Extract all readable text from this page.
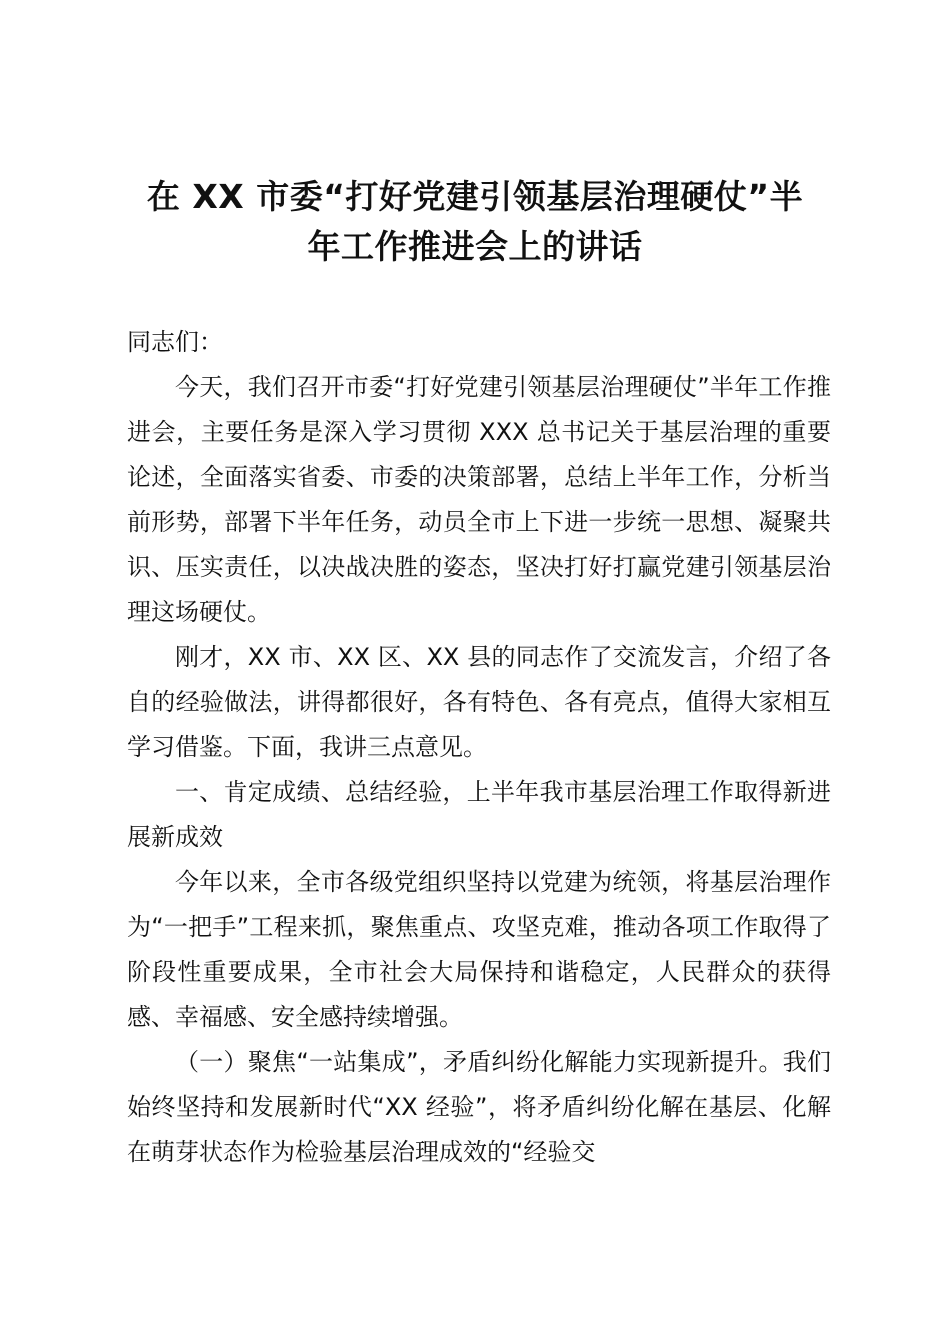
在 XX 市委“打好党建引领基层治理硬仗”半
年工作推进会上的讲话

同志们：

今天，我们召开市委“打好党建引领基层治理硬仗”半年工作推进会，主要任务是深入学习贯彻 XXX 总书记关于基层治理的重要论述，全面落实省委、市委的决策部署，总结上半年工作，分析当前形势，部署下半年任务，动员全市上下进一步统一思想、凝聚共识、压实责任，以决战决胜的姿态，坚决打好打赢党建引领基层治理这场硬仗。

刚才，XX 市、XX 区、XX 县的同志作了交流发言，介绍了各自的经验做法，讲得都很好，各有特色、各有亮点，值得大家相互学习借鉴。下面，我讲三点意见。

一、肯定成绩、总结经验，上半年我市基层治理工作取得新进展新成效

今年以来，全市各级党组织坚持以党建为统领，将基层治理作为“一把手”工程来抓，聚焦重点、攻坚克难，推动各项工作取得了阶段性重要成果，全市社会大局保持和谐稳定，人民群众的获得感、幸福感、安全感持续增强。

（一）聚焦“一站集成”，矛盾纠纷化解能力实现新提升。我们始终坚持和发展新时代“XX 经验”，将矛盾纠纷化解在基层、化解在萌芽状态作为检验基层治理成效的“经验交
